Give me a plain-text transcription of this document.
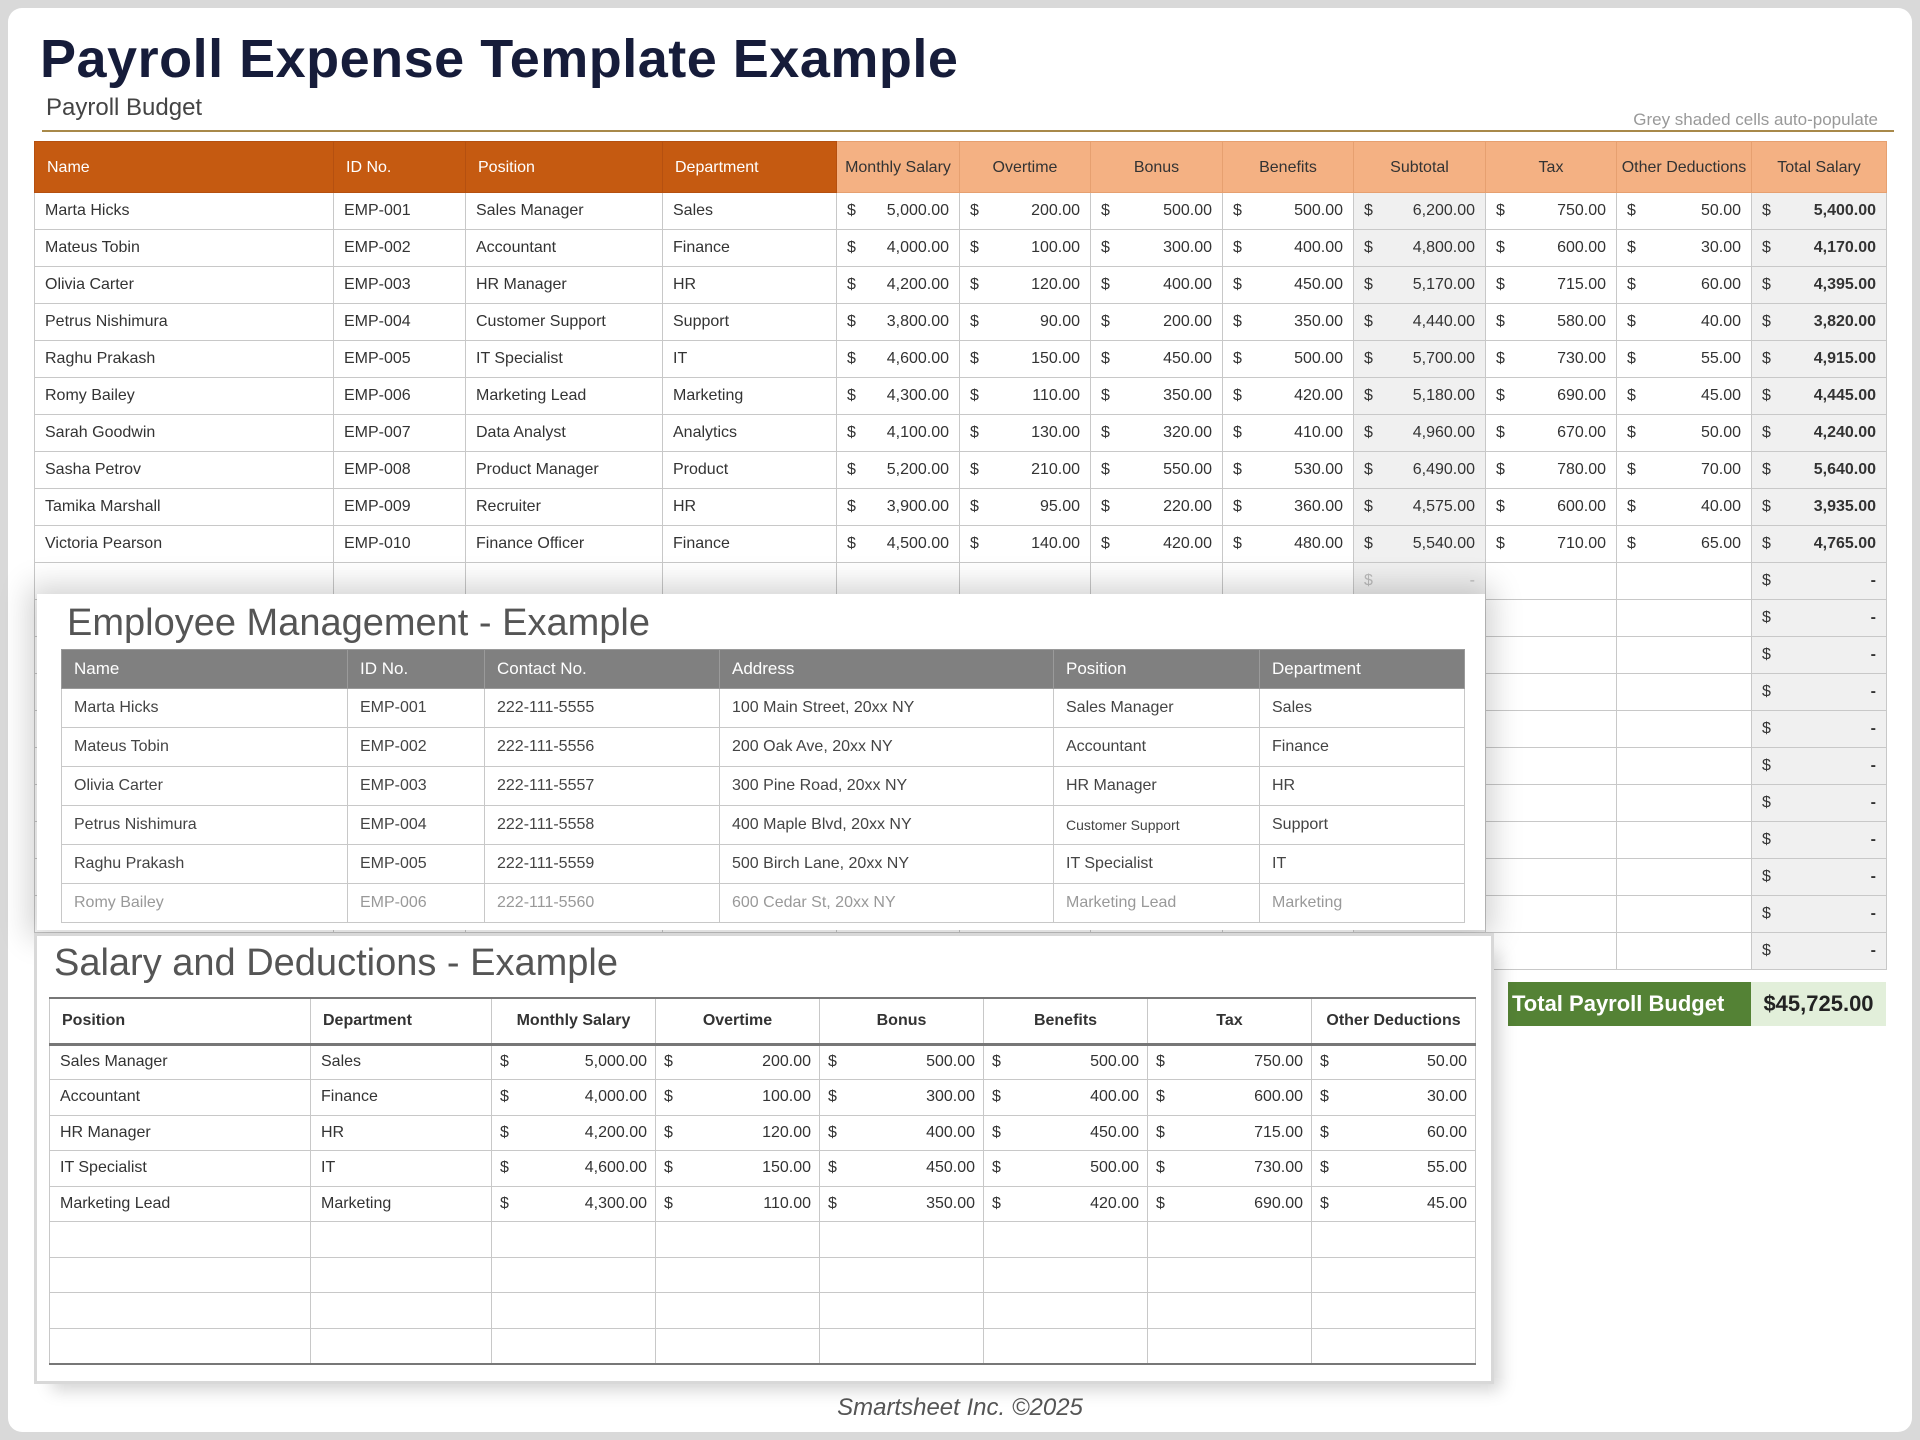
Payroll Expense Template Example
Payroll Budget	Grey shaded cells auto-populate
Name	ID No.	Position	Department	Monthly Salary	Overtime	Bonus	Benefits	Subtotal	Tax	Other Deductions	Total Salary
Marta Hicks	EMP-001	Sales Manager	Sales	$ 5,000.00	$ 200.00	$ 500.00	$ 500.00	$ 6,200.00	$ 750.00	$ 50.00	$ 5,400.00

Mateus Tobin	EMP-002	Accountant	Finance	$ 4,000.00	$ 100.00	$ 300.00	$ 400.00	$ 4,800.00	$ 600.00	$ 30.00	$ 4,170.00

Olivia Carter	EMP-003	HR Manager	HR	$ 4,200.00	$ 120.00	$ 400.00	$ 450.00	$ 5,170.00	$ 715.00	$ 60.00	$ 4,395.00

Petrus Nishimura	EMP-004	Customer Support	Support	$ 3,800.00	$ 90.00	$ 200.00	$ 350.00	$ 4,440.00	$ 580.00	$ 40.00	$ 3,820.00

Raghu Prakash	EMP-005	IT Specialist	IT	$ 4,600.00	$ 150.00	$ 450.00	$ 500.00	$ 5,700.00	$ 730.00	$ 55.00	$ 4,915.00

Romy Bailey	EMP-006	Marketing Lead	Marketing	$ 4,300.00	$ 110.00	$ 350.00	$ 420.00	$ 5,180.00	$ 690.00	$ 45.00	$ 4,445.00

Sarah Goodwin	EMP-007	Data Analyst	Analytics	$ 4,100.00	$ 130.00	$ 320.00	$ 410.00	$ 4,960.00	$ 670.00	$ 50.00	$ 4,240.00

Sasha Petrov	EMP-008	Product Manager	Product	$ 5,200.00	$ 210.00	$ 550.00	$ 530.00	$ 6,490.00	$ 780.00	$ 70.00	$ 5,640.00

Tamika Marshall	EMP-009	Recruiter	HR	$ 3,900.00	$ 95.00	$ 220.00	$ 360.00	$ 4,575.00	$ 600.00	$ 40.00	$ 3,935.00

Victoria Pearson	EMP-010	Finance Officer	Finance	$ 4,500.00	$ 140.00	$ 420.00	$ 480.00	$ 5,540.00	$ 710.00	$ 65.00	$ 4,765.00

								$ -			$ -

											$ -

											$ -

											$ -

											$ -

											$ -

											$ -

											$ -

											$ -

											$ -

											$ -
Total Payroll Budget	$45,725.00
Employee Management - Example
Name	ID No.	Contact No.	Address	Position	Department
Marta Hicks	EMP-001	222-111-5555	100 Main Street, 20xx NY	Sales Manager	Sales
Mateus Tobin	EMP-002	222-111-5556	200 Oak Ave, 20xx NY	Accountant	Finance
Olivia Carter	EMP-003	222-111-5557	300 Pine Road, 20xx NY	HR Manager	HR
Petrus Nishimura	EMP-004	222-111-5558	400 Maple Blvd, 20xx NY	Customer Support	Support
Raghu Prakash	EMP-005	222-111-5559	500 Birch Lane, 20xx NY	IT Specialist	IT
Romy Bailey	EMP-006	222-111-5560	600 Cedar St, 20xx NY	Marketing Lead	Marketing
Salary and Deductions - Example
Position	Department	Monthly Salary	Overtime	Bonus	Benefits	Tax	Other Deductions
Sales Manager	Sales	$ 5,000.00	$ 200.00	$ 500.00	$ 500.00	$ 750.00	$ 50.00

Accountant	Finance	$ 4,000.00	$ 100.00	$ 300.00	$ 400.00	$ 600.00	$ 30.00

HR Manager	HR	$ 4,200.00	$ 120.00	$ 400.00	$ 450.00	$ 715.00	$ 60.00

IT Specialist	IT	$ 4,600.00	$ 150.00	$ 450.00	$ 500.00	$ 730.00	$ 55.00

Marketing Lead	Marketing	$ 4,300.00	$ 110.00	$ 350.00	$ 420.00	$ 690.00	$ 45.00

Smartsheet Inc. ©2025
